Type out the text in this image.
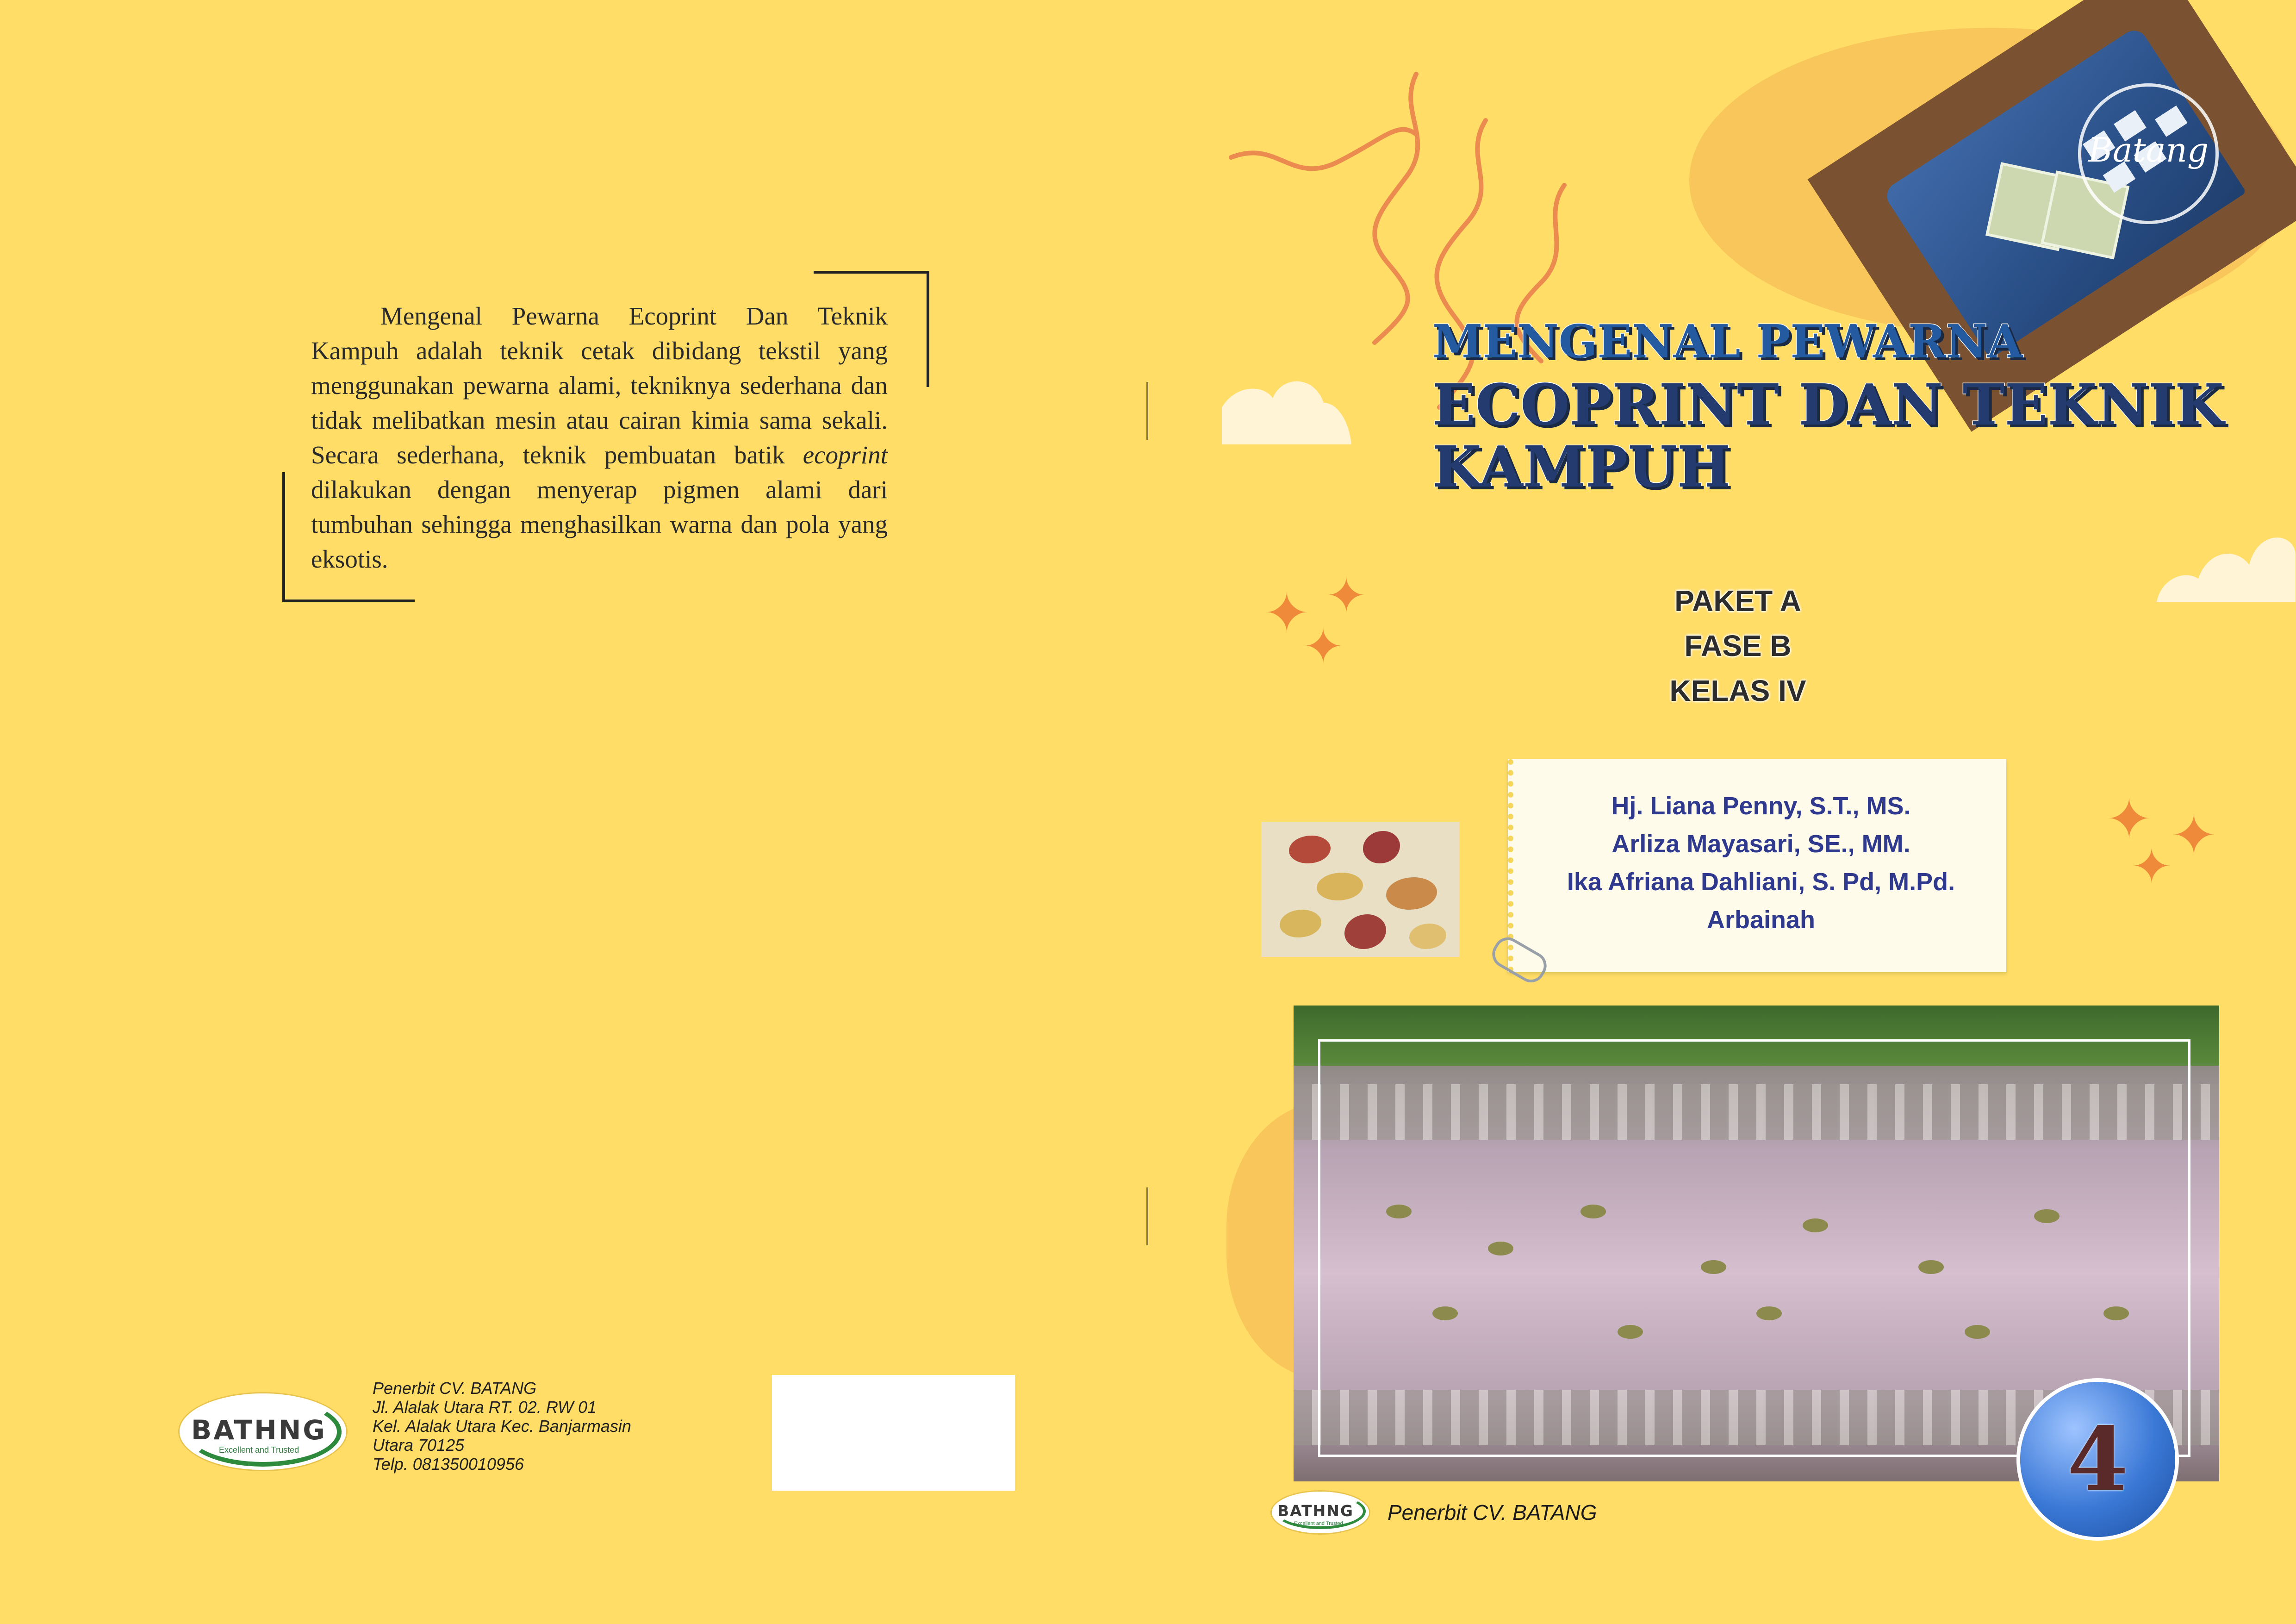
Mengenal Pewarna Ecoprint Dan Teknik Kampuh adalah teknik cetak dibidang tekstil yang menggunakan pewarna alami, tekniknya sederhana dan tidak melibatkan mesin atau cairan kimia sama sekali. Secara sederhana, teknik pembuatan batik ecoprint dilakukan dengan menyerap pigmen alami dari tumbuhan sehingga menghasilkan warna dan pola yang eksotis.

BATHNG
Excellent and Trusted
Penerbit CV. BATANG
Jl. Alalak Utara RT. 02. RW 01
Kel. Alalak Utara Kec. Banjarmasin
Utara 70125
Telp. 081350010956
✦ ✦
✦
✦ ✦
✦
Batang
MENGENAL PEWARNA
ECOPRINT DAN TEKNIK
KAMPUH
PAKET A
FASE B
KELAS IV
Hj. Liana Penny, S.T., MS.
Arliza Mayasari, SE., MM.
Ika Afriana Dahliani, S. Pd, M.Pd.
Arbainah
4
BATHNG
Excellent and Trusted Penerbit CV. BATANG
